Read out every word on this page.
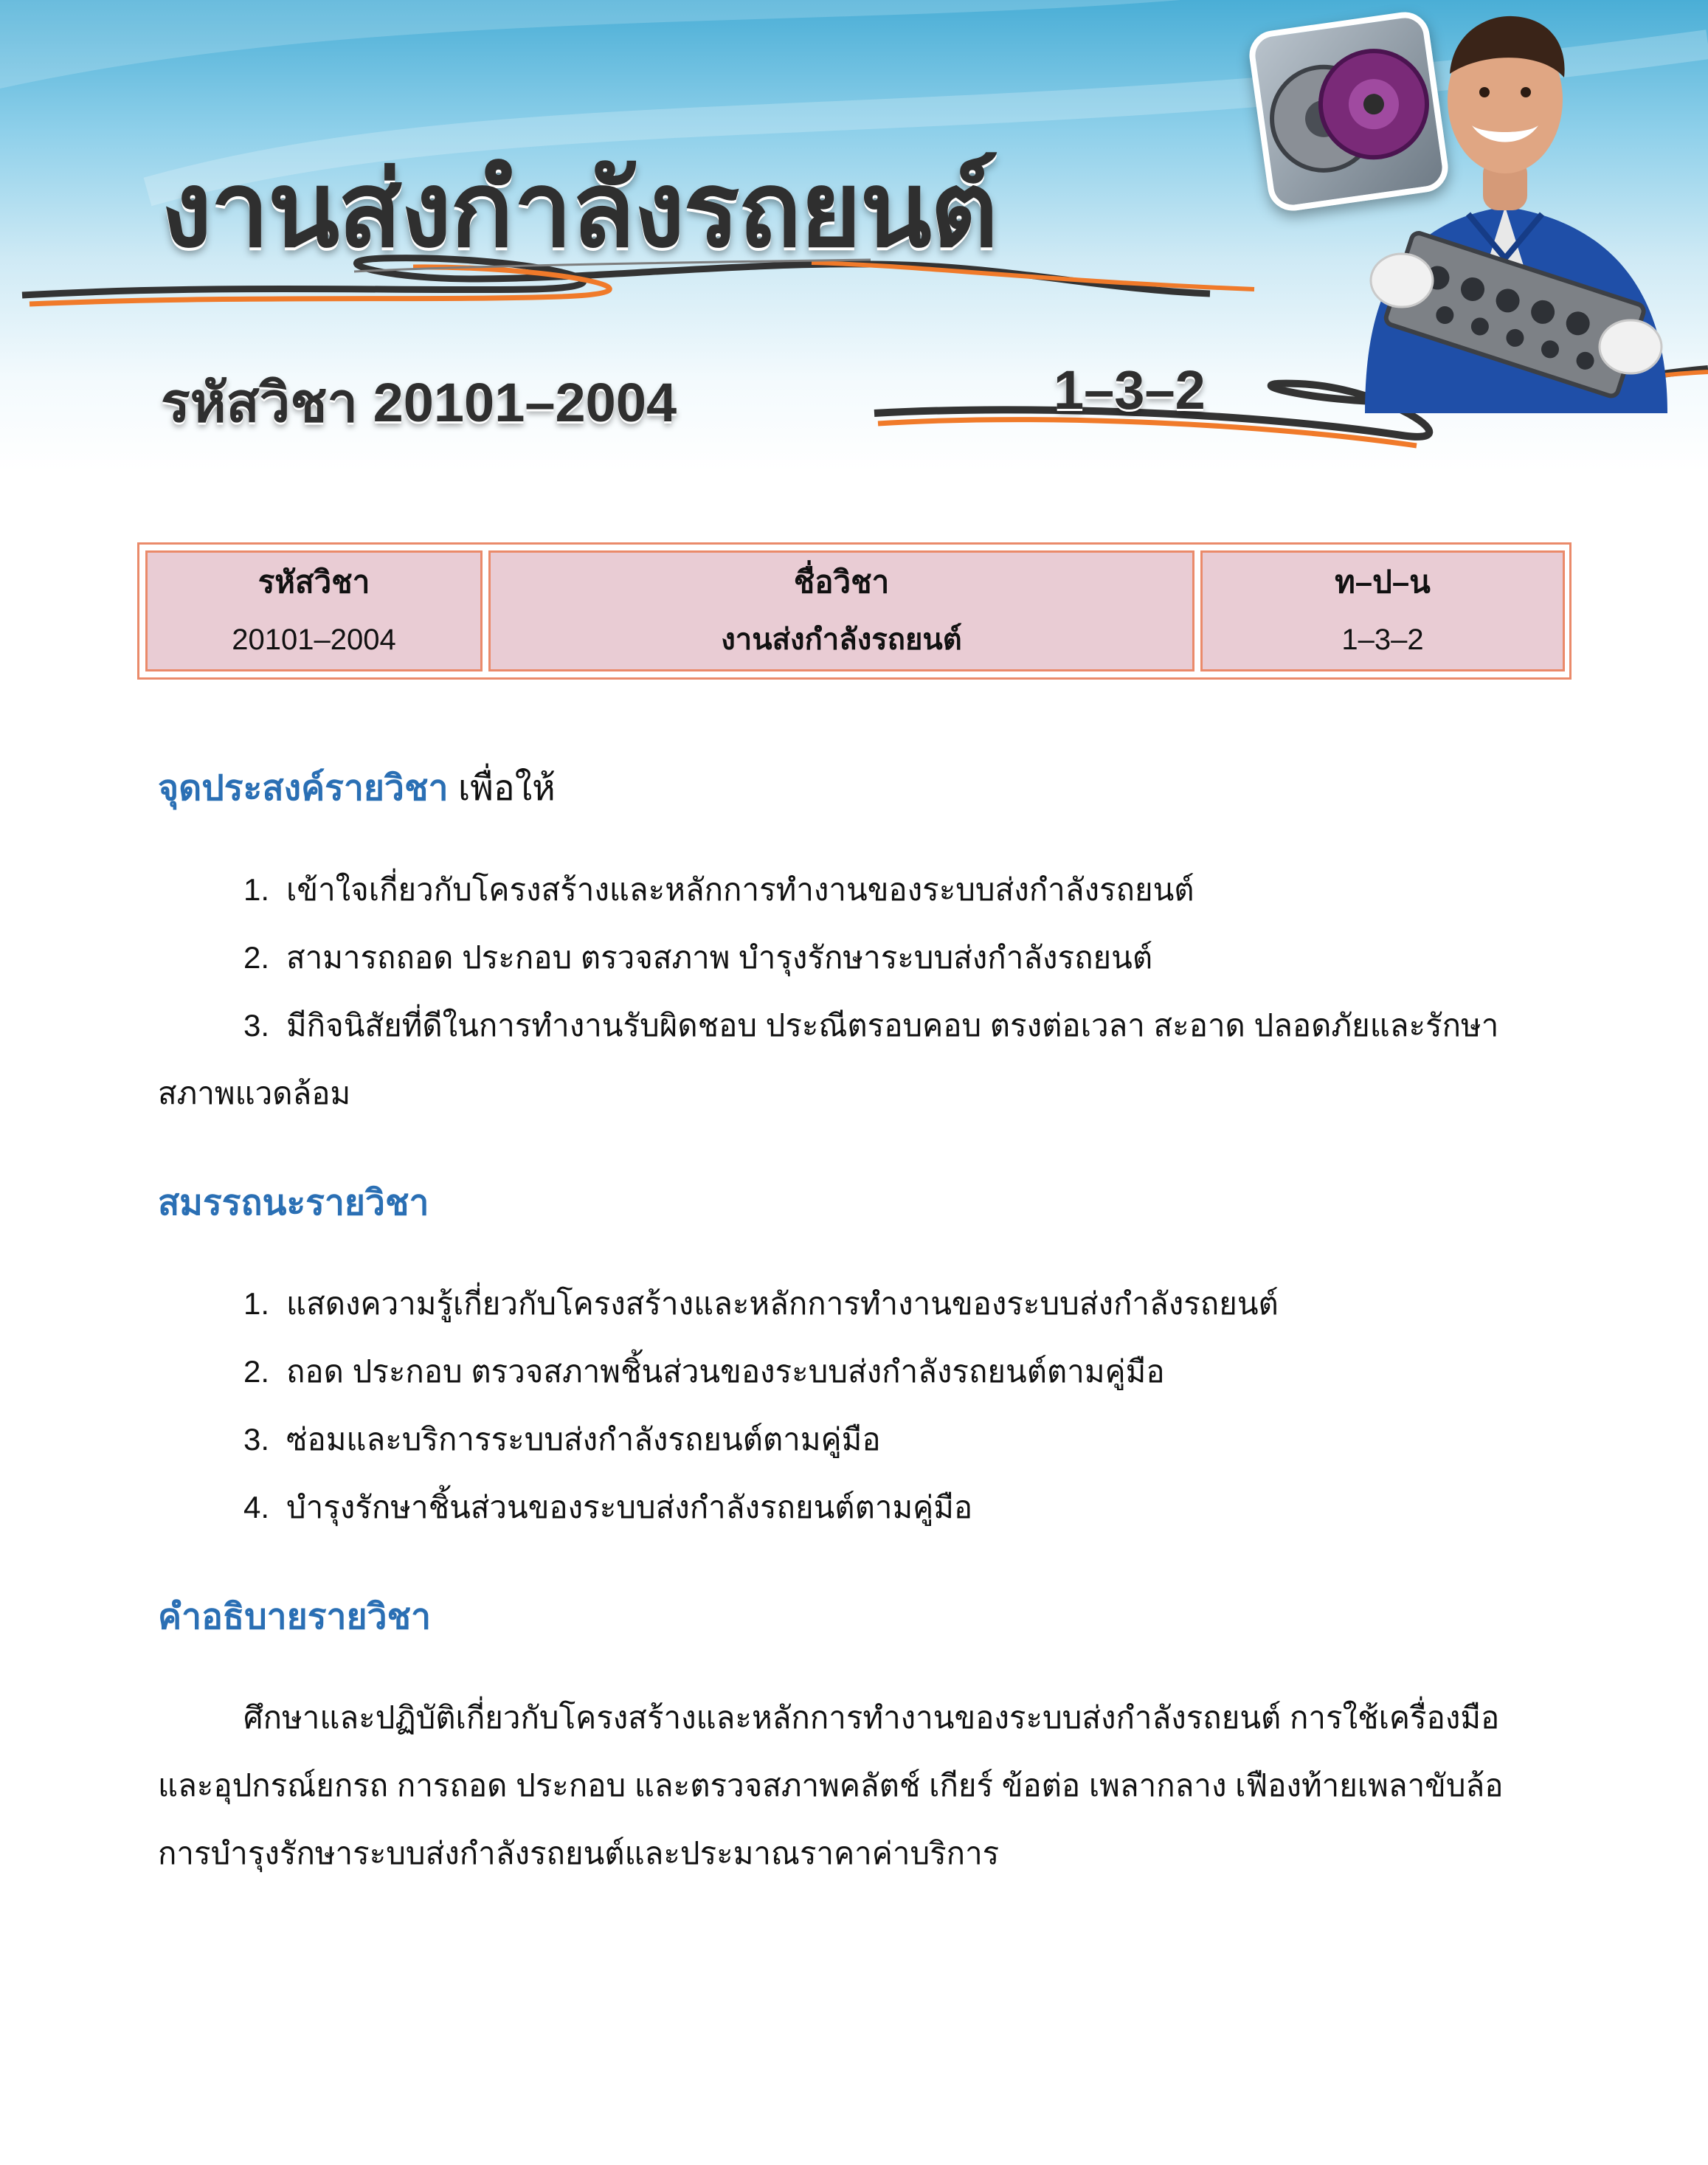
งานส่งกำลังรถยนต์
รหัสวิชา 20101–2004	1–3–2
รหัสวิชา
20101–2004
ชื่อวิชา
งานส่งกำลังรถยนต์
ท–ป–น
1–3–2
จุดประสงค์รายวิชา เพื่อให้
1. เข้าใจเกี่ยวกับโครงสร้างและหลักการทำงานของระบบส่งกำลังรถยนต์
2. สามารถถอด ประกอบ ตรวจสภาพ บำรุงรักษาระบบส่งกำลังรถยนต์
3. มีกิจนิสัยที่ดีในการทำงานรับผิดชอบ ประณีตรอบคอบ ตรงต่อเวลา สะอาด ปลอดภัยและรักษา
สภาพแวดล้อม
สมรรถนะรายวิชา
1. แสดงความรู้เกี่ยวกับโครงสร้างและหลักการทำงานของระบบส่งกำลังรถยนต์
2. ถอด ประกอบ ตรวจสภาพชิ้นส่วนของระบบส่งกำลังรถยนต์ตามคู่มือ
3. ซ่อมและบริการระบบส่งกำลังรถยนต์ตามคู่มือ
4. บำรุงรักษาชิ้นส่วนของระบบส่งกำลังรถยนต์ตามคู่มือ
คำอธิบายรายวิชา
ศึกษาและปฏิบัติเกี่ยวกับโครงสร้างและหลักการทำงานของระบบส่งกำลังรถยนต์ การใช้เครื่องมือ
และอุปกรณ์ยกรถ การถอด ประกอบ และตรวจสภาพคลัตช์ เกียร์ ข้อต่อ เพลากลาง เฟืองท้ายเพลาขับล้อ
การบำรุงรักษาระบบส่งกำลังรถยนต์และประมาณราคาค่าบริการ
